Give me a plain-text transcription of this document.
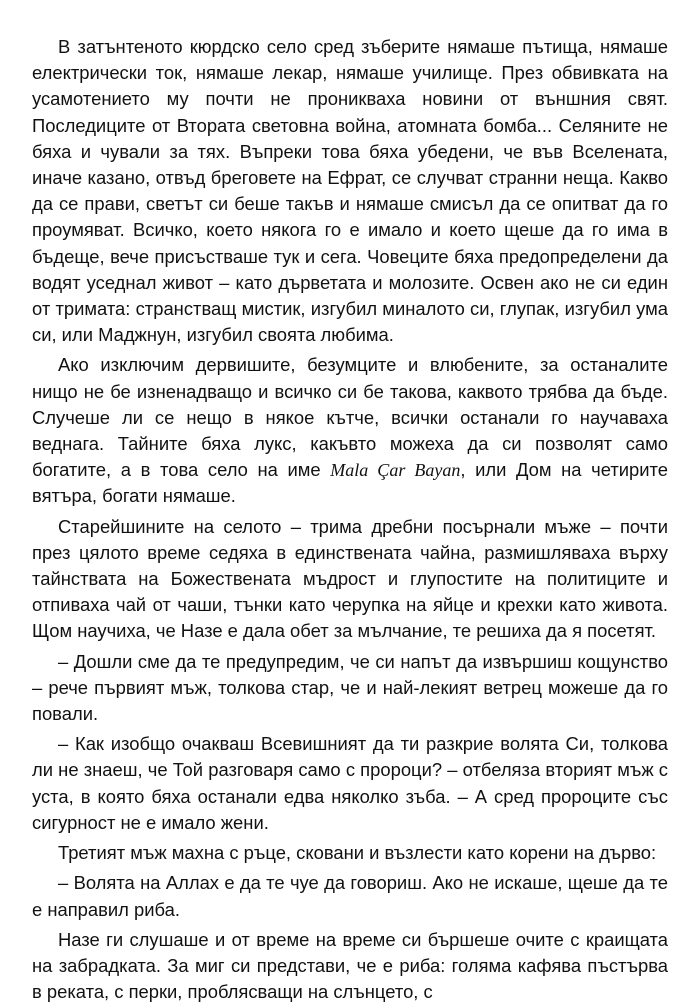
В затънтеното кюрдско село сред зъберите нямаше пътища, нямаше електрически ток, нямаше лекар, нямаше училище. През обвивката на усамотението му почти не проникваха новини от външния свят. Последиците от Втората световна война, атомната бомба... Селяните не бяха и чували за тях. Въпреки това бяха убедени, че във Вселената, иначе казано, отвъд бреговете на Ефрат, се случват странни неща. Какво да се прави, светът си беше такъв и нямаше смисъл да се опитват да го проумяват. Всичко, което някога го е имало и което щеше да го има в бъдеще, вече присъстваше тук и сега. Човеците бяха предопределени да водят уседнал живот – като дърветата и молозите. Освен ако не си един от тримата: странстващ мистик, изгубил миналото си, глупак, изгубил ума си, или Маджнун, изгубил своята любима.

Ако изключим дервишите, безумците и влюбените, за останалите нищо не бе изненадващо и всичко си бе такова, каквото трябва да бъде. Случеше ли се нещо в някое кътче, всички останали го научаваха веднага. Тайните бяха лукс, какъвто можеха да си позволят само богатите, а в това село на име Mala Çar Bayan, или Дом на четирите вятъра, богати нямаше.

Старейшините на селото – трима дребни посърнали мъже – почти през цялото време седяха в единствената чайна, размишляваха върху тайнствата на Божествената мъдрост и глупостите на политиците и отпиваха чай от чаши, тънки като черупка на яйце и крехки като живота. Щом научиха, че Назе е дала обет за мълчание, те решиха да я посетят.

– Дошли сме да те предупредим, че си напът да извършиш кощунство – рече първият мъж, толкова стар, че и най-лекият ветрец можеше да го повали.

– Как изобщо очакваш Всевишният да ти разкрие волята Си, толкова ли не знаеш, че Той разговаря само с пророци? – отбеляза вторият мъж с уста, в която бяха останали едва няколко зъба. – А сред пророците със сигурност не е имало жени.

Третият мъж махна с ръце, сковани и възлести като корени на дърво:

– Волята на Аллах е да те чуе да говориш. Ако не искаше, щеше да те е направил риба.

Назе ги слушаше и от време на време си бършеше очите с краищата на забрадката. За миг си представи, че е риба: голяма кафява пъстърва в реката, с перки, проблясващи на слънцето, с
